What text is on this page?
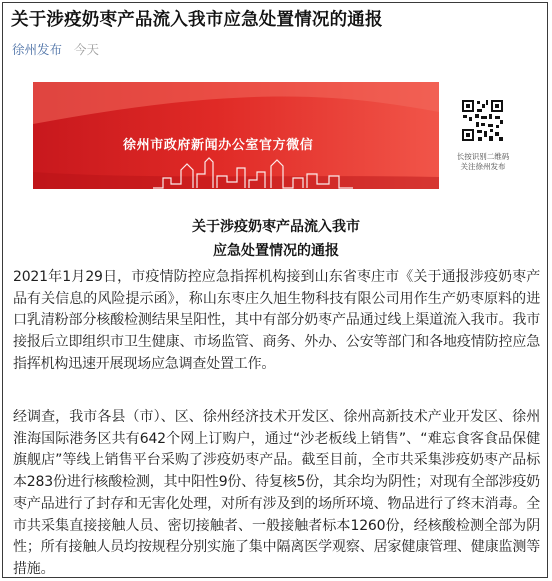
关于涉疫奶枣产品流入我市应急处置情况的通报
徐州发布 今天
徐州市政府新闻办公室官方微信
长按识别二维码
关注徐州发布
关于涉疫奶枣产品流入我市
应急处置情况的通报

2021年1月29日，市疫情防控应急指挥机构接到山东省枣庄市《关于通报涉疫奶枣产品有关信息的风险提示函》，称山东枣庄久旭生物科技有限公司用作生产奶枣原料的进口乳清粉部分核酸检测结果呈阳性，其中有部分奶枣产品通过线上渠道流入我市。我市接报后立即组织市卫生健康、市场监管、商务、外办、公安等部门和各地疫情防控应急指挥机构迅速开展现场应急调查处置工作。

经调查，我市各县（市）、区、徐州经济技术开发区、徐州高新技术产业开发区、徐州淮海国际港务区共有642个网上订购户，通过“沙老板线上销售”、“难忘食客食品保健旗舰店”等线上销售平台采购了涉疫奶枣产品。截至目前，全市共采集涉疫奶枣产品标本283份进行核酸检测，其中阳性9份、待复核5份，其余均为阴性；对现有全部涉疫奶枣产品进行了封存和无害化处理，对所有涉及到的场所环境、物品进行了终末消毒。全市共采集直接接触人员、密切接触者、一般接触者标本1260份，经核酸检测全部为阴性；所有接触人员均按规程分别实施了集中隔离医学观察、居家健康管理、健康监测等措施。
